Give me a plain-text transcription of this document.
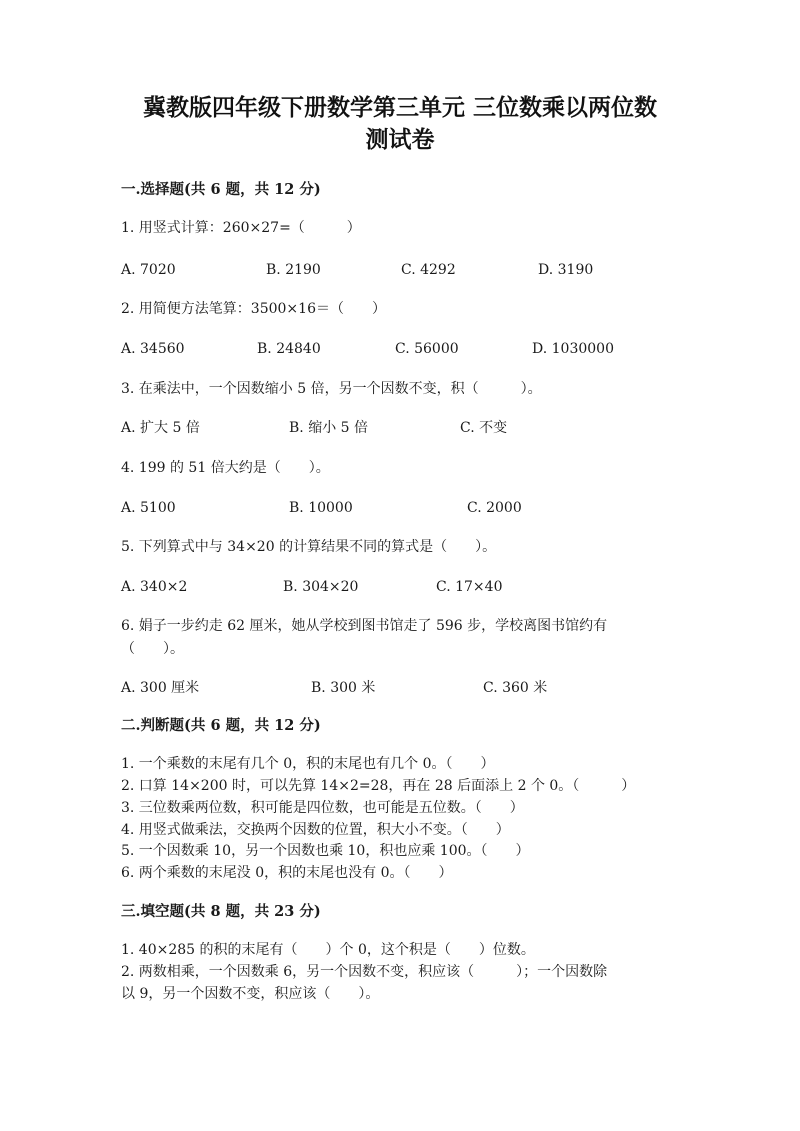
冀教版四年级下册数学第三单元 三位数乘以两位数
测试卷
一.选择题(共 6 题，共 12 分)
1. 用竖式计算：260×27=（　　　）
A. 7020	B. 2190	C. 4292	D. 3190
2. 用简便方法笔算：3500×16＝（　　）
A. 34560	B. 24840	C. 56000	D. 1030000
3. 在乘法中，一个因数缩小 5 倍，另一个因数不变，积（　　　）。
A. 扩大 5 倍	B. 缩小 5 倍	C. 不变
4. 199 的 51 倍大约是（　　）。
A. 5100	B. 10000	C. 2000
5. 下列算式中与 34×20 的计算结果不同的算式是（　　）。
A. 340×2	B. 304×20	C. 17×40
6. 娟子一步约走 62 厘米，她从学校到图书馆走了 596 步，学校离图书馆约有
（　　）。
A. 300 厘米	B. 300 米	C. 360 米
二.判断题(共 6 题，共 12 分)
1. 一个乘数的末尾有几个 0，积的末尾也有几个 0。（　　）
2. 口算 14×200 时，可以先算 14×2=28，再在 28 后面添上 2 个 0。（　　　）
3. 三位数乘两位数，积可能是四位数，也可能是五位数。（　　）
4. 用竖式做乘法，交换两个因数的位置，积大小不变。（　　）
5. 一个因数乘 10，另一个因数也乘 10，积也应乘 100。（　　）
6. 两个乘数的末尾没 0，积的末尾也没有 0。（　　）
三.填空题(共 8 题，共 23 分)
1. 40×285 的积的末尾有（　　）个 0，这个积是（　　）位数。
2. 两数相乘，一个因数乘 6，另一个因数不变，积应该（　　　）；一个因数除
以 9，另一个因数不变，积应该（　　）。
